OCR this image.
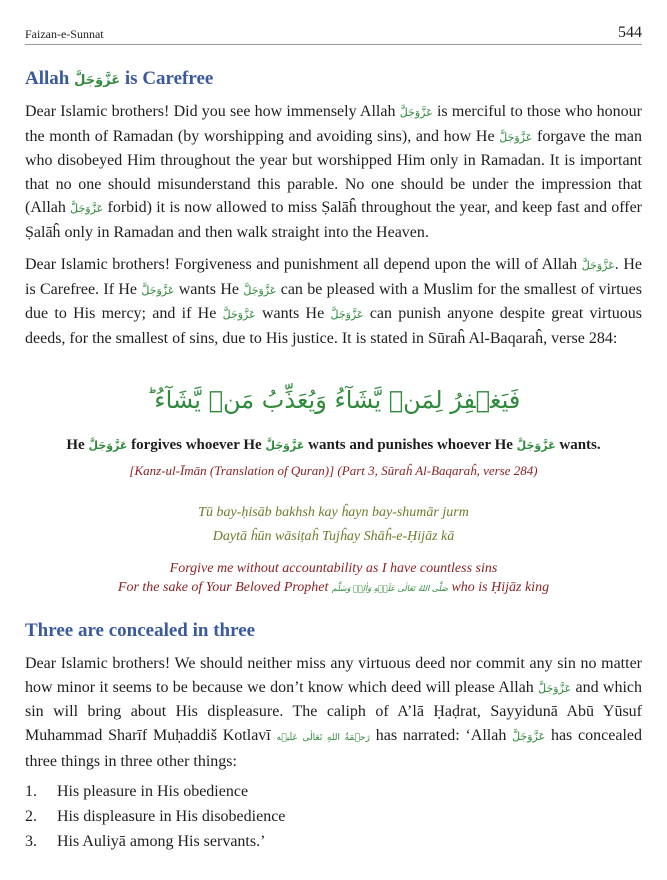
Faizan-e-Sunnat	544
Allah عَزَّوَجَلَّ is Carefree

Dear Islamic brothers! Did you see how immensely Allah عَزَّوَجَلَّ is merciful to those who honour the month of Ramadan (by worshipping and avoiding sins), and how He عَزَّوَجَلَّ forgave the man who disobeyed Him throughout the year but worshipped Him only in Ramadan. It is important that no one should misunderstand this parable. No one should be under the impression that (Allah عَزَّوَجَلَّ forbid) it is now allowed to miss Ṣalāĥ throughout the year, and keep fast and offer Ṣalāĥ only in Ramadan and then walk straight into the Heaven.

Dear Islamic brothers! Forgiveness and punishment all depend upon the will of Allah عَزَّوَجَلَّ. He is Carefree. If He عَزَّوَجَلَّ wants He عَزَّوَجَلَّ can be pleased with a Muslim for the smallest of virtues due to His mercy; and if He عَزَّوَجَلَّ wants He عَزَّوَجَلَّ can punish anyone despite great virtuous deeds, for the smallest of sins, due to His justice. It is stated in Sūraĥ Al-Baqaraĥ, verse 284:

فَيَغۡفِرُ لِمَنۡ يَّشَآءُ وَيُعَذِّبُ مَنۡ يَّشَآءُ ؕ
He عَزَّوَجَلَّ forgives whoever He عَزَّوَجَلَّ wants and punishes whoever He عَزَّوَجَلَّ wants.
[Kanz-ul-Īmān (Translation of Quran)] (Part 3, Sūraĥ Al-Baqaraĥ, verse 284)
Tū bay-ḥisāb bakhsh kay ĥayn bay-shumār jurm
Daytā ĥūn wāsiṭaĥ Tujĥay Shāĥ-e-Ḥijāz kā
Forgive me without accountability as I have countless sins
For the sake of Your Beloved Prophet صَلَّى اللهُ تَعَالٰى عَلَيۡهِ وَاٰلِهٖ وَسَلَّم who is Ḥijāz king
Three are concealed in three

Dear Islamic brothers! We should neither miss any virtuous deed nor commit any sin no matter how minor it seems to be because we don’t know which deed will please Allah عَزَّوَجَلَّ and which sin will bring about His displeasure. The caliph of A’lā Ḥaḍrat, Sayyidunā Abū Yūsuf Muhammad Sharīf Muḥaddiš Kotlavī رَحۡمَةُ اللهِ تَعَالٰی عَلَيۡه has narrated: ‘Allah عَزَّوَجَلَّ has concealed three things in three other things:

1. His pleasure in His obedience
2. His displeasure in His disobedience
3. His Auliyā among His servants.’
